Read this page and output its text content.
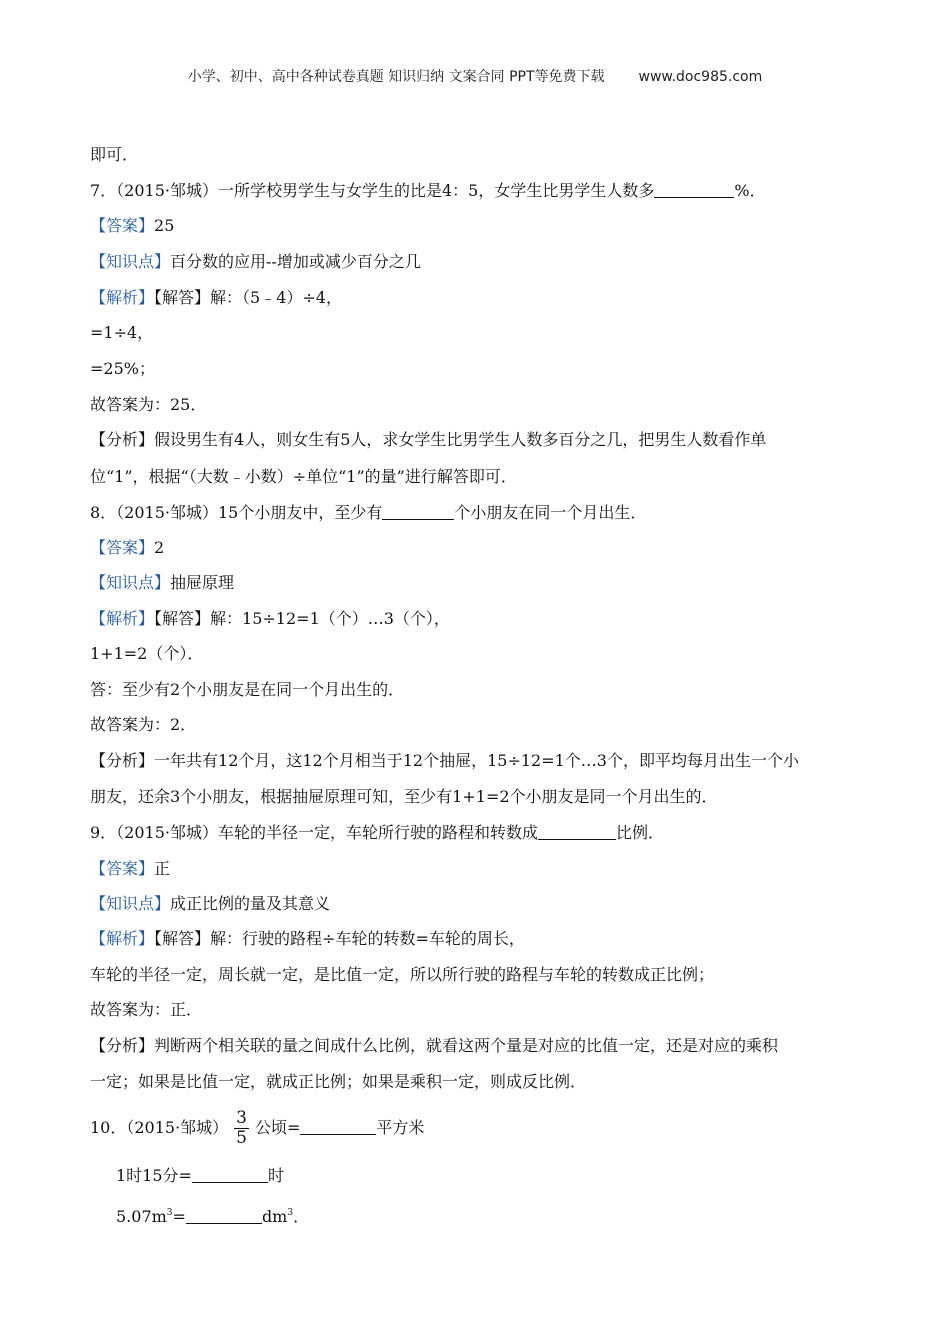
小学、初中、高中各种试卷真题 知识归纳 文案合同 PPT等免费下载 www.doc985.com
即可．
7．（2015·邹城）一所学校男学生与女学生的比是4：5，女学生比男学生人数多	%．
【答案】25
【知识点】百分数的应用--增加或减少百分之几
【解析】【解答】解：（5﹣4）÷4，
=1÷4，
=25%；
故答案为：25．
【分析】假设男生有4人，则女生有5人，求女学生比男学生人数多百分之几，把男生人数看作单
位“1”，根据“（大数﹣小数）÷单位“1”的量”进行解答即可．
8．（2015·邹城）15个小朋友中，至少有	个小朋友在同一个月出生．
【答案】2
【知识点】抽屉原理
【解析】【解答】解：15÷12=1（个）…3（个），
1+1=2（个）．
答：至少有2个小朋友是在同一个月出生的．
故答案为：2．
【分析】一年共有12个月，这12个月相当于12个抽屉，15÷12=1个…3个，即平均每月出生一个小
朋友，还余3个小朋友，根据抽屉原理可知，至少有1+1=2个小朋友是同一个月出生的．
9．（2015·邹城）车轮的半径一定，车轮所行驶的路程和转数成	比例．
【答案】正
【知识点】成正比例的量及其意义
【解析】【解答】解：行驶的路程÷车轮的转数=车轮的周长，
车轮的半径一定，周长就一定，是比值一定，所以所行驶的路程与车轮的转数成正比例；
故答案为：正．
【分析】判断两个相关联的量之间成什么比例，就看这两个量是对应的比值一定，还是对应的乘积
一定；如果是比值一定，就成正比例；如果是乘积一定，则成反比例．
10．（2015·邹城） $\frac{3}{5}$ 公顷=	平方米
1时15分=	时
$5.07m^3=$	$dm^3$．
